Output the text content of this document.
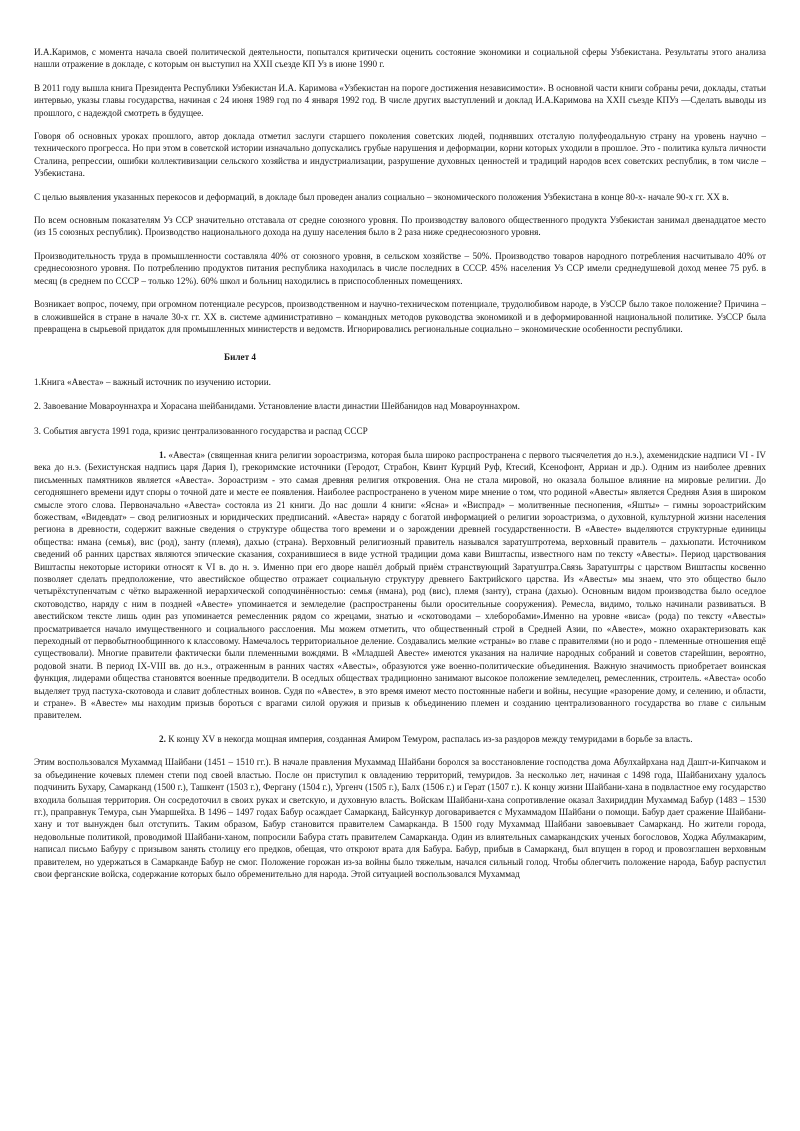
И.А.Каримов, с момента начала своей политической деятельности, попытался критически оценить состояние экономики и социальной сферы Узбекистана. Результаты этого анализа нашли отражение в докладе, с которым он выступил на XXII съезде КП Уз в июне 1990 г.

В 2011 году вышла книга Президента Республики Узбекистан И.А. Каримова «Узбекистан на пороге достижения независимости». В основной части книги собраны речи, доклады, статьи интервью, указы главы государства, начиная с 24 июня 1989 год по 4 января 1992 год. В числе других выступлений и доклад И.А.Каримова на XXII съезде КПУз —Сделать выводы из прошлого, с надеждой смотреть в будущее.

Говоря об основных уроках прошлого, автор доклада отметил заслуги старшего поколения советских людей, поднявших отсталую полуфеодальную страну на уровень научно – технического прогресса. Но при этом в советской истории изначально допускались грубые нарушения и деформации, корни которых уходили в прошлое. Это - политика культа личности Сталина, репрессии, ошибки коллективизации сельского хозяйства и индустриализации, разрушение духовных ценностей и традиций народов всех советских республик, в том числе – Узбекистана.

С целью выявления указанных перекосов и деформаций, в докладе был проведен анализ социально – экономического положения Узбекистана в конце 80-х- начале 90-х гг. XX в.

По всем основным показателям Уз ССР значительно отставала от средне союзного уровня. По производству валового общественного продукта Узбекистан занимал двенадцатое место (из 15 союзных республик). Производство национального дохода на душу населения было в 2 раза ниже среднесоюзного уровня.

Производительность труда в промышленности составляла 40% от союзного уровня, в сельском хозяйстве – 50%. Производство товаров народного потребления насчитывало 40% от среднесоюзного уровня. По потреблению продуктов питания республика находилась в числе последних в СССР. 45% населения Уз ССР имели среднедушевой доход менее 75 руб. в месяц (в среднем по СССР – только 12%). 60% школ и больниц находились в приспособленных помещениях.

Возникает вопрос, почему, при огромном потенциале ресурсов, производственном и научно-техническом потенциале, трудолюбивом народе, в УзССР было такое положение? Причина – в сложившейся в стране в начале 30-х гг. XX в. системе административно – командных методов руководства экономикой и в деформированной национальной политике. УзССР была превращена в сырьевой придаток для промышленных министерств и ведомств. Игнорировались региональные социально – экономические особенности республики.

Билет 4

1.Книга «Авеста» – важный источник по изучению истории.

2. Завоевание Мовароуннахра и Хорасана шейбанидами. Установление власти династии Шейбанидов над Мовароуннахром.

3. События августа 1991 года, кризис централизованного государства и распад СССР

1. «Авеста» (священная книга религии зороастризма, которая была широко распространена с первого тысячелетия до н.э.), ахеменидские надписи VI - IV века до н.э. (Бехистунская надпись царя Дария I), грекоримские источники (Геродот, Страбон, Квинт Курций Руф, Ктесий, Ксенофонт, Арриан и др.). Одним из наиболее древних письменных памятников является «Авеста». Зороастризм - это самая древняя религия откровения. Она не стала мировой, но оказала большое влияние на мировые религии. До сегодняшнего времени идут споры о точной дате и месте ее появления. Наиболее распространено в ученом мире мнение о том, что родиной «Авесты» является Средняя Азия в широком смысле этого слова. Первоначально «Авеста» состояла из 21 книги. До нас дошли 4 книги: «Ясна» и «Виспрад» – молитвенные песнопения, «Яшты» – гимны зороастрийским божествам, «Видевдат» – свод религиозных и юридических предписаний. «Авеста» наряду с богатой информацией о религии зороастризма, о духовной, культурной жизни населения региона в древности, содержит важные сведения о структуре общества того времени и о зарождении древней государственности. В «Авесте» выделяются структурные единицы общества: нмана (семья), вис (род), занту (племя), дахью (страна). Верховный религиозный правитель назывался заратуштротема, верховный правитель – дахьюпати. Источником сведений об ранних царствах являются эпические сказания, сохранившиеся в виде устной традиции дома кави Виштаспы, известного нам по тексту «Авесты». Период царствования Виштаспы некоторые историки относят к VI в. до н. э. Именно при его дворе нашёл добрый приём странствующий Заратуштра.Связь Заратуштры с царством Виштаспы косвенно позволяет сделать предположение, что авестийское общество отражает социальную структуру древнего Бактрийского царства. Из «Авесты» мы знаем, что это общество было четырёхступенчатым с чётко выраженной иерархической соподчинённостью: семья (нмана), род (вис), племя (занту), страна (дахью). Основным видом производства было оседлое скотоводство, наряду с ним в поздней «Авесте» упоминается и земледелие (распространены были оросительные сооружения). Ремесла, видимо, только начинали развиваться. В авестийском тексте лишь один раз упоминается ремесленник рядом со жрецами, знатью и «скотоводами – хлеборобами».Именно на уровне «виса» (рода) по тексту «Авесты» просматривается начало имущественного и социального расслоения. Мы можем отметить, что общественный строй в Средней Азии, по «Авесте», можно охарактеризовать как переходный от первобытнообщинного к классовому. Намечалось территориальное деление. Создавались мелкие «страны» во главе с правителями (но и родо - племенные отношения ещё существовали). Многие правители фактически были племенными вождями. В «Младшей Авесте» имеются указания на наличие народных собраний и советов старейшин, вероятно, родовой знати. В период IX-VIII вв. до н.э., отраженным в ранних частях «Авесты», образуются уже военно-политические объединения. Важную значимость приобретает воинская функция, лидерами общества становятся военные предводители. В оседлых обществах традиционно занимают высокое положение земледелец, ремесленник, строитель. «Авеста» особо выделяет труд пастуха-скотовода и славит доблестных воинов. Судя по «Авесте», в это время имеют место постоянные набеги и войны, несущие «разорение дому, и селению, и области, и стране». В «Авесте» мы находим призыв бороться с врагами силой оружия и призыв к объединению племен и созданию централизованного государства во главе с сильным правителем.

2. К концу XV в некогда мощная империя, созданная Амиром Темуром, распалась из-за раздоров между темуридами в борьбе за власть.

Этим воспользовался Мухаммад Шайбани (1451 – 1510 гг.). В начале правления Мухаммад Шайбани боролся за восстановление господства дома Абулхайрхана над Дашт-и-Кипчаком и за объединение кочевых племен степи под своей властью. После он приступил к овладению территорий, темуридов. За несколько лет, начиная с 1498 года, Шайбанихану удалось подчинить Бухару, Самарканд (1500 г.), Ташкент (1503 г.), Фергану (1504 г.), Ургенч (1505 г.), Балх (1506 г.) и Герат (1507 г.). К концу жизни Шайбани-хана в подвластное ему государство входила большая территория. Он сосредоточил в своих руках и светскую, и духовную власть. Войскам Шайбани-хана сопротивление оказал Захириддин Мухаммад Бабур (1483 – 1530 гг.), праправнук Темура, сын Умаршейха. В 1496 – 1497 годах Бабур осаждает Самарканд, Байсункур договаривается с Мухаммадом Шайбани о помощи. Бабур дает сражение Шайбани-хану и тот вынужден был отступить. Таким образом, Бабур становится правителем Самарканда. В 1500 году Мухаммад Шайбани завоевывает Самарканд. Но жители города, недовольные политикой, проводимой Шайбани-ханом, попросили Бабура стать правителем Самарканда. Один из влиятельных самаркандских ученых богословов, Ходжа Абулмакарим, написал письмо Бабуру с призывом занять столицу его предков, обещая, что откроют врата для Бабура. Бабур, прибыв в Самарканд, был впущен в город и провозглашен верховным правителем, но удержаться в Самарканде Бабур не смог. Положение горожан из-за войны было тяжелым, начался сильный голод. Чтобы облегчить положение народа, Бабур распустил свои ферганские войска, содержание которых было обременительно для народа. Этой ситуацией воспользовался Мухаммад
